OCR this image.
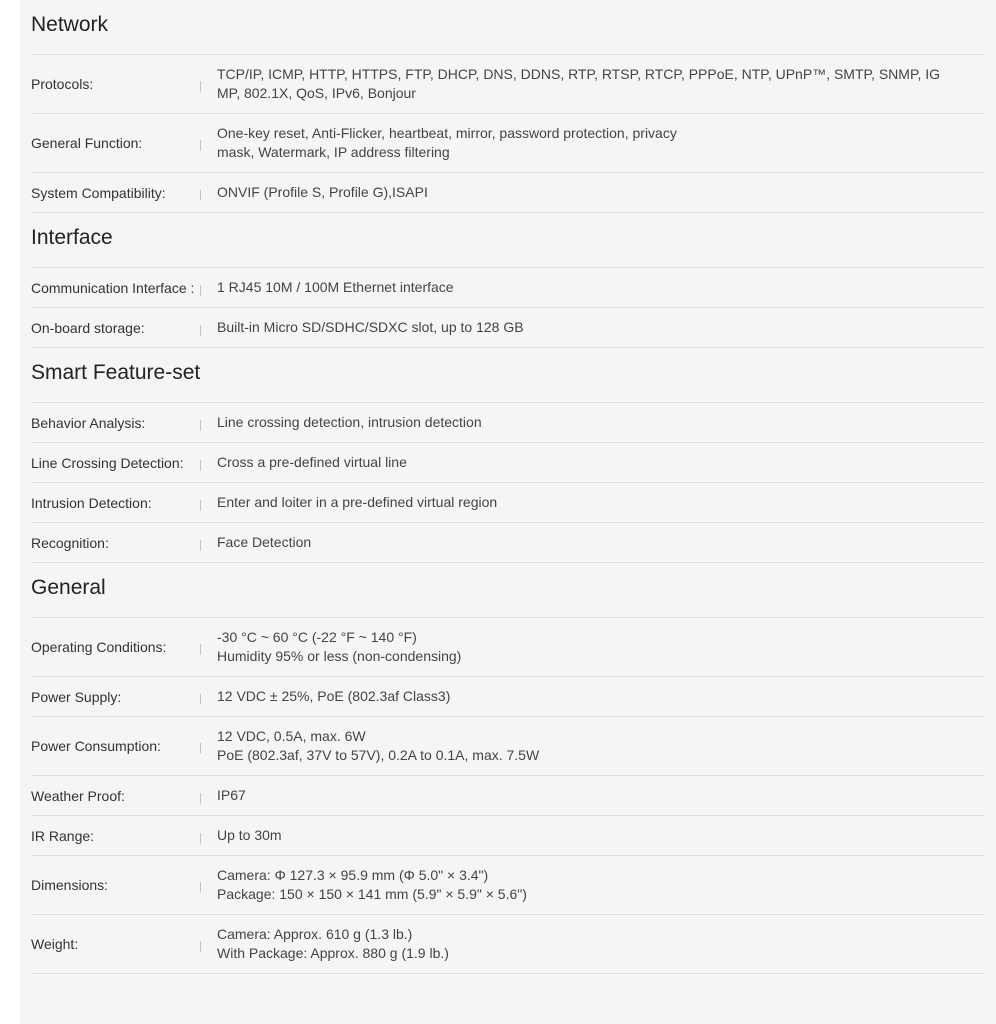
Network
Protocols:	|
TCP/IP, ICMP, HTTP, HTTPS, FTP, DHCP, DNS, DDNS, RTP, RTSP, RTCP, PPPoE, NTP, UPnP™, SMTP, SNMP, IG
MP, 802.1X, QoS, IPv6, Bonjour
General Function:	|
One-key reset, Anti-Flicker, heartbeat, mirror, password protection, privacy
mask, Watermark, IP address filtering
System Compatibility:	|	ONVIF (Profile S, Profile G),ISAPI
Interface
Communication Interface : |	1 RJ45 10M / 100M Ethernet interface
On-board storage:	|	Built-in Micro SD/SDHC/SDXC slot, up to 128 GB
Smart Feature-set
Behavior Analysis:	|	Line crossing detection, intrusion detection
Line Crossing Detection:	|	Cross a pre-defined virtual line
Intrusion Detection:	|	Enter and loiter in a pre-defined virtual region
Recognition:	|	Face Detection
General
Operating Conditions:	|
-30 °C ~ 60 °C (-22 °F ~ 140 °F)
Humidity 95% or less (non-condensing)
Power Supply:	|	12 VDC ± 25%, PoE (802.3af Class3)
Power Consumption:	|
12 VDC, 0.5A, max. 6W
PoE (802.3af, 37V to 57V), 0.2A to 0.1A, max. 7.5W
Weather Proof:	|	IP67
IR Range:	|	Up to 30m
Dimensions:	|
Camera: Φ 127.3 × 95.9 mm (Φ 5.0" × 3.4")
Package: 150 × 150 × 141 mm (5.9" × 5.9" × 5.6")
Weight:	|
Camera: Approx. 610 g (1.3 lb.)
With Package: Approx. 880 g (1.9 lb.)
